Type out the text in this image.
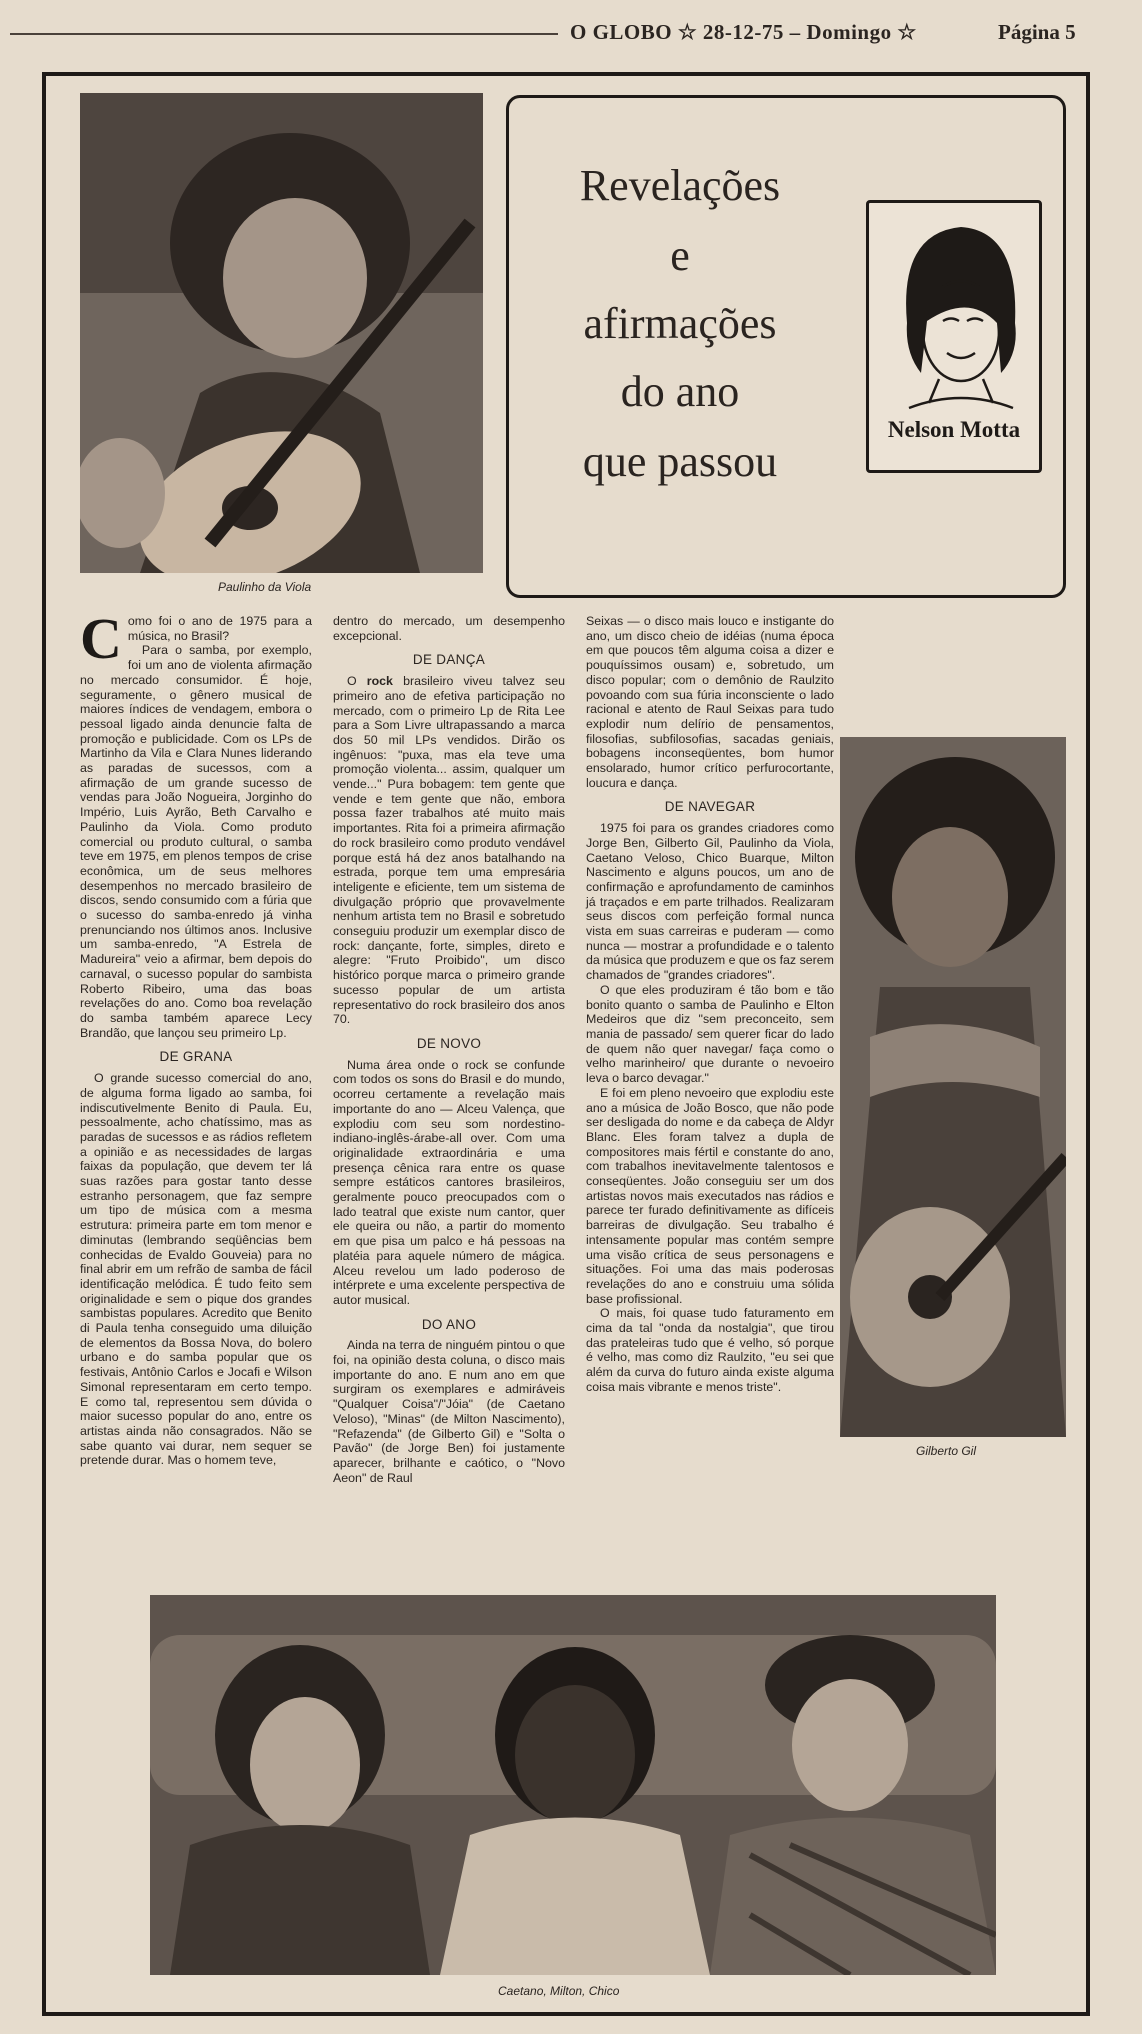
O GLOBO ☆ 28-12-75 – Domingo ☆	Página 5
Paulinho da Viola
Revelações
e
afirmações
do ano
que passou
Nelson Motta
Gilberto Gil
C omo foi o ano de 1975 para a música, no Brasil?

Para o samba, por exemplo, foi um ano de violenta afirmação no mercado consumidor. É hoje, seguramente, o gênero musical de maiores índices de vendagem, embora o pessoal ligado ainda denuncie falta de promoção e publicidade. Com os LPs de Martinho da Vila e Clara Nunes liderando as paradas de sucessos, com a afirmação de um grande sucesso de vendas para João Nogueira, Jorginho do Império, Luis Ayrão, Beth Carvalho e Paulinho da Viola. Como produto comercial ou produto cultural, o samba teve em 1975, em plenos tempos de crise econômica, um de seus melhores desempenhos no mercado brasileiro de discos, sendo consumido com a fúria que o sucesso do samba-enredo já vinha prenunciando nos últimos anos. Inclusive um samba-enredo, "A Estrela de Madureira" veio a afirmar, bem depois do carnaval, o sucesso popular do sambista Roberto Ribeiro, uma das boas revelações do ano. Como boa revelação do samba também aparece Lecy Brandão, que lançou seu primeiro Lp.

DE GRANA

O grande sucesso comercial do ano, de alguma forma ligado ao samba, foi indiscutivelmente Benito di Paula. Eu, pessoalmente, acho chatíssimo, mas as paradas de sucessos e as rádios refletem a opinião e as necessidades de largas faixas da população, que devem ter lá suas razões para gostar tanto desse estranho personagem, que faz sempre um tipo de música com a mesma estrutura: primeira parte em tom menor e diminutas (lembrando seqüências bem conhecidas de Evaldo Gouveia) para no final abrir em um refrão de samba de fácil identificação melódica. É tudo feito sem originalidade e sem o pique dos grandes sambistas populares. Acredito que Benito di Paula tenha conseguido uma diluição de elementos da Bossa Nova, do bolero urbano e do samba popular que os festivais, Antônio Carlos e Jocafi e Wilson Simonal representaram em certo tempo. E como tal, representou sem dúvida o maior sucesso popular do ano, entre os artistas ainda não consagrados. Não se sabe quanto vai durar, nem sequer se pretende durar. Mas o homem teve,

dentro do mercado, um desempenho excepcional.

DE DANÇA

O rock brasileiro viveu talvez seu primeiro ano de efetiva participação no mercado, com o primeiro Lp de Rita Lee para a Som Livre ultrapassando a marca dos 50 mil LPs vendidos. Dirão os ingênuos: "puxa, mas ela teve uma promoção violenta... assim, qualquer um vende..." Pura bobagem: tem gente que vende e tem gente que não, embora possa fazer trabalhos até muito mais importantes. Rita foi a primeira afirmação do rock brasileiro como produto vendável porque está há dez anos batalhando na estrada, porque tem uma empresária inteligente e eficiente, tem um sistema de divulgação próprio que provavelmente nenhum artista tem no Brasil e sobretudo conseguiu produzir um exemplar disco de rock: dançante, forte, simples, direto e alegre: "Fruto Proibido", um disco histórico porque marca o primeiro grande sucesso popular de um artista representativo do rock brasileiro dos anos 70.

DE NOVO

Numa área onde o rock se confunde com todos os sons do Brasil e do mundo, ocorreu certamente a revelação mais importante do ano — Alceu Valença, que explodiu com seu som nordestino-indiano-inglês-árabe-all over. Com uma originalidade extraordinária e uma presença cênica rara entre os quase sempre estáticos cantores brasileiros, geralmente pouco preocupados com o lado teatral que existe num cantor, quer ele queira ou não, a partir do momento em que pisa um palco e há pessoas na platéia para aquele número de mágica. Alceu revelou um lado poderoso de intérprete e uma excelente perspectiva de autor musical.

DO ANO

Ainda na terra de ninguém pintou o que foi, na opinião desta coluna, o disco mais importante do ano. E num ano em que surgiram os exemplares e admiráveis "Qualquer Coisa"/"Jóia" (de Caetano Veloso), "Minas" (de Milton Nascimento), "Refazenda" (de Gilberto Gil) e "Solta o Pavão" (de Jorge Ben) foi justamente aparecer, brilhante e caótico, o "Novo Aeon" de Raul

Seixas — o disco mais louco e instigante do ano, um disco cheio de idéias (numa época em que poucos têm alguma coisa a dizer e pouquíssimos ousam) e, sobretudo, um disco popular; com o demônio de Raulzito povoando com sua fúria inconsciente o lado racional e atento de Raul Seixas para tudo explodir num delírio de pensamentos, filosofias, subfilosofias, sacadas geniais, bobagens inconseqüentes, bom humor ensolarado, humor crítico perfurocortante, loucura e dança.

DE NAVEGAR

1975 foi para os grandes criadores como Jorge Ben, Gilberto Gil, Paulinho da Viola, Caetano Veloso, Chico Buarque, Milton Nascimento e alguns poucos, um ano de confirmação e aprofundamento de caminhos já traçados e em parte trilhados. Realizaram seus discos com perfeição formal nunca vista em suas carreiras e puderam — como nunca — mostrar a profundidade e o talento da música que produzem e que os faz serem chamados de "grandes criadores".

O que eles produziram é tão bom e tão bonito quanto o samba de Paulinho e Elton Medeiros que diz "sem preconceito, sem mania de passado/ sem querer ficar do lado de quem não quer navegar/ faça como o velho marinheiro/ que durante o nevoeiro leva o barco devagar."

E foi em pleno nevoeiro que explodiu este ano a música de João Bosco, que não pode ser desligada do nome e da cabeça de Aldyr Blanc. Eles foram talvez a dupla de compositores mais fértil e constante do ano, com trabalhos inevitavelmente talentosos e conseqüentes. João conseguiu ser um dos artistas novos mais executados nas rádios e parece ter furado definitivamente as difíceis barreiras de divulgação. Seu trabalho é intensamente popular mas contém sempre uma visão crítica de seus personagens e situações. Foi uma das mais poderosas revelações do ano e construiu uma sólida base profissional.

O mais, foi quase tudo faturamento em cima da tal "onda da nostalgia", que tirou das prateleiras tudo que é velho, só porque é velho, mas como diz Raulzito, "eu sei que além da curva do futuro ainda existe alguma coisa mais vibrante e menos triste".

Caetano, Milton, Chico
